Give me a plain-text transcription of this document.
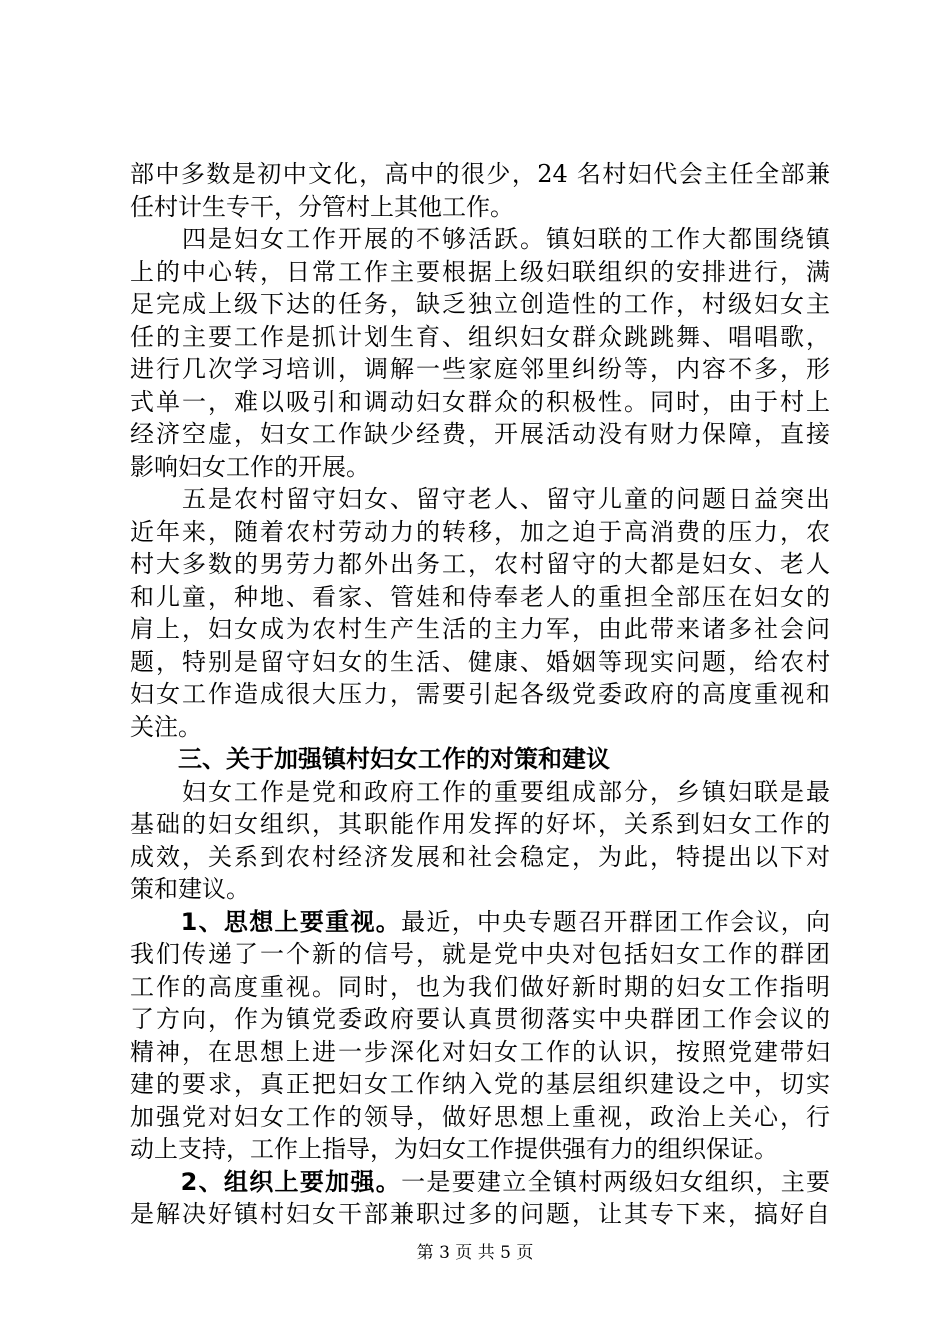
部中多数是初中文化，高中的很少，24 名村妇代会主任全部兼
任村计生专干，分管村上其他工作。
　　四是妇女工作开展的不够活跃。镇妇联的工作大都围绕镇
上的中心转，日常工作主要根据上级妇联组织的安排进行，满
足完成上级下达的任务，缺乏独立创造性的工作，村级妇女主
任的主要工作是抓计划生育、组织妇女群众跳跳舞、唱唱歌，
进行几次学习培训，调解一些家庭邻里纠纷等，内容不多，形
式单一，难以吸引和调动妇女群众的积极性。同时，由于村上
经济空虚，妇女工作缺少经费，开展活动没有财力保障，直接
影响妇女工作的开展。
　　五是农村留守妇女、留守老人、留守儿童的问题日益突出
近年来，随着农村劳动力的转移，加之迫于高消费的压力，农
村大多数的男劳力都外出务工，农村留守的大都是妇女、老人
和儿童，种地、看家、管娃和侍奉老人的重担全部压在妇女的
肩上，妇女成为农村生产生活的主力军，由此带来诸多社会问
题，特别是留守妇女的生活、健康、婚姻等现实问题，给农村
妇女工作造成很大压力，需要引起各级党委政府的高度重视和
关注。
　　三、关于加强镇村妇女工作的对策和建议
　　妇女工作是党和政府工作的重要组成部分，乡镇妇联是最
基础的妇女组织，其职能作用发挥的好坏，关系到妇女工作的
成效，关系到农村经济发展和社会稳定，为此，特提出以下对
策和建议。
　　1、思想上要重视。最近，中央专题召开群团工作会议，向
我们传递了一个新的信号，就是党中央对包括妇女工作的群团
工作的高度重视。同时，也为我们做好新时期的妇女工作指明
了方向，作为镇党委政府要认真贯彻落实中央群团工作会议的
精神，在思想上进一步深化对妇女工作的认识，按照党建带妇
建的要求，真正把妇女工作纳入党的基层组织建设之中，切实
加强党对妇女工作的领导，做好思想上重视，政治上关心，行
动上支持，工作上指导，为妇女工作提供强有力的组织保证。
　　2、组织上要加强。一是要建立全镇村两级妇女组织，主要
是解决好镇村妇女干部兼职过多的问题，让其专下来，搞好自
第 3 页 共 5 页
